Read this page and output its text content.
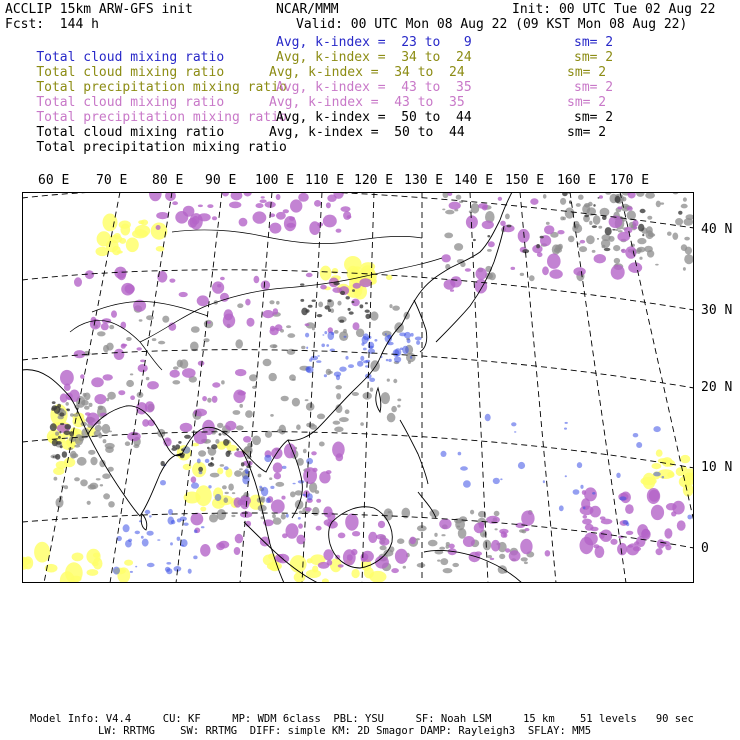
ACCLIP 15km ARW-GFS init	NCAR/MMM	Init: 00 UTC Tue 02 Aug 22
Fcst:  144 h	Valid: 00 UTC Mon 08 Aug 22 (09 KST Mon 08 Aug 22)

Total cloud mixing ratio

Avg, k-index =  23 to   9	sm= 2

Total cloud mixing ratio

Avg, k-index =  34 to  24	sm= 2

Total precipitation mixing ratio

Avg, k-index =  34 to  24	sm= 2

Total cloud mixing ratio

Avg, k-index =  43 to  35	sm= 2

Total precipitation mixing ratio

Avg, k-index =  43 to  35	sm= 2

Total cloud mixing ratio

Avg, k-index =  50 to  44	sm= 2

Total precipitation mixing ratio

Avg, k-index =  50 to  44	sm= 2
60 E 70 E 80 E 90 E 100 E 110 E 120 E 130 E 140 E 150 E 160 E 170 E
40 N
30 N
20 N
10 N
0
Model Info: V4.4     CU: KF     MP: WDM 6class  PBL: YSU     SF: Noah LSM     15 km    51 levels   90 sec
LW: RRTMG    SW: RRTMG  DIFF: simple KM: 2D Smagor DAMP: Rayleigh3  SFLAY: MM5
